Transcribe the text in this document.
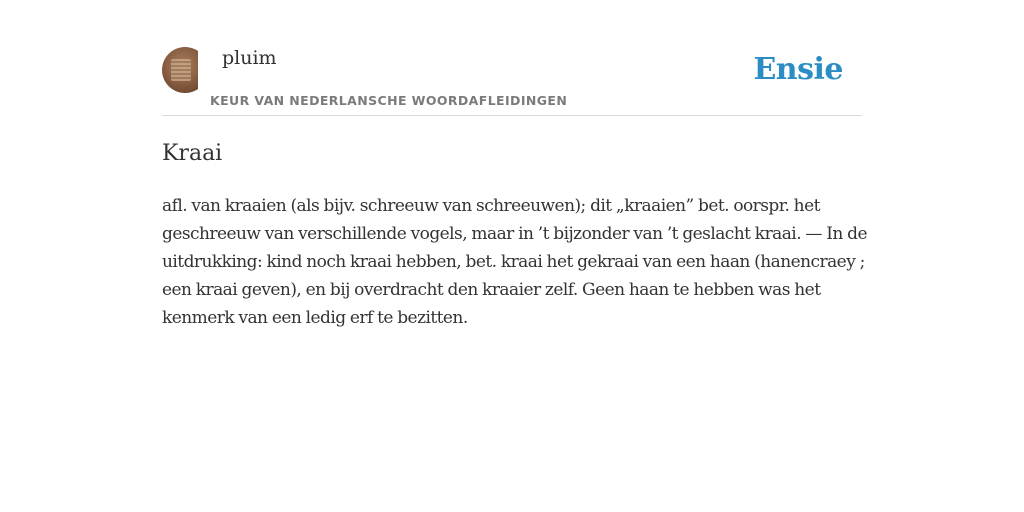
pluim
KEUR VAN NEDERLANSCHE WOORDAFLEIDINGEN
Ensie
Kraai

afl. van kraaien (als bijv. schreeuw van schreeuwen); dit „kraaien” bet. oorspr. het geschreeuw van verschillende vogels, maar in ’t bijzonder van ’t geslacht kraai. — In de uitdrukking: kind noch kraai hebben, bet. kraai het gekraai van een haan (hanencraey ; een kraai geven), en bij overdracht den kraaier zelf. Geen haan te hebben was het kenmerk van een ledig erf te bezitten.
